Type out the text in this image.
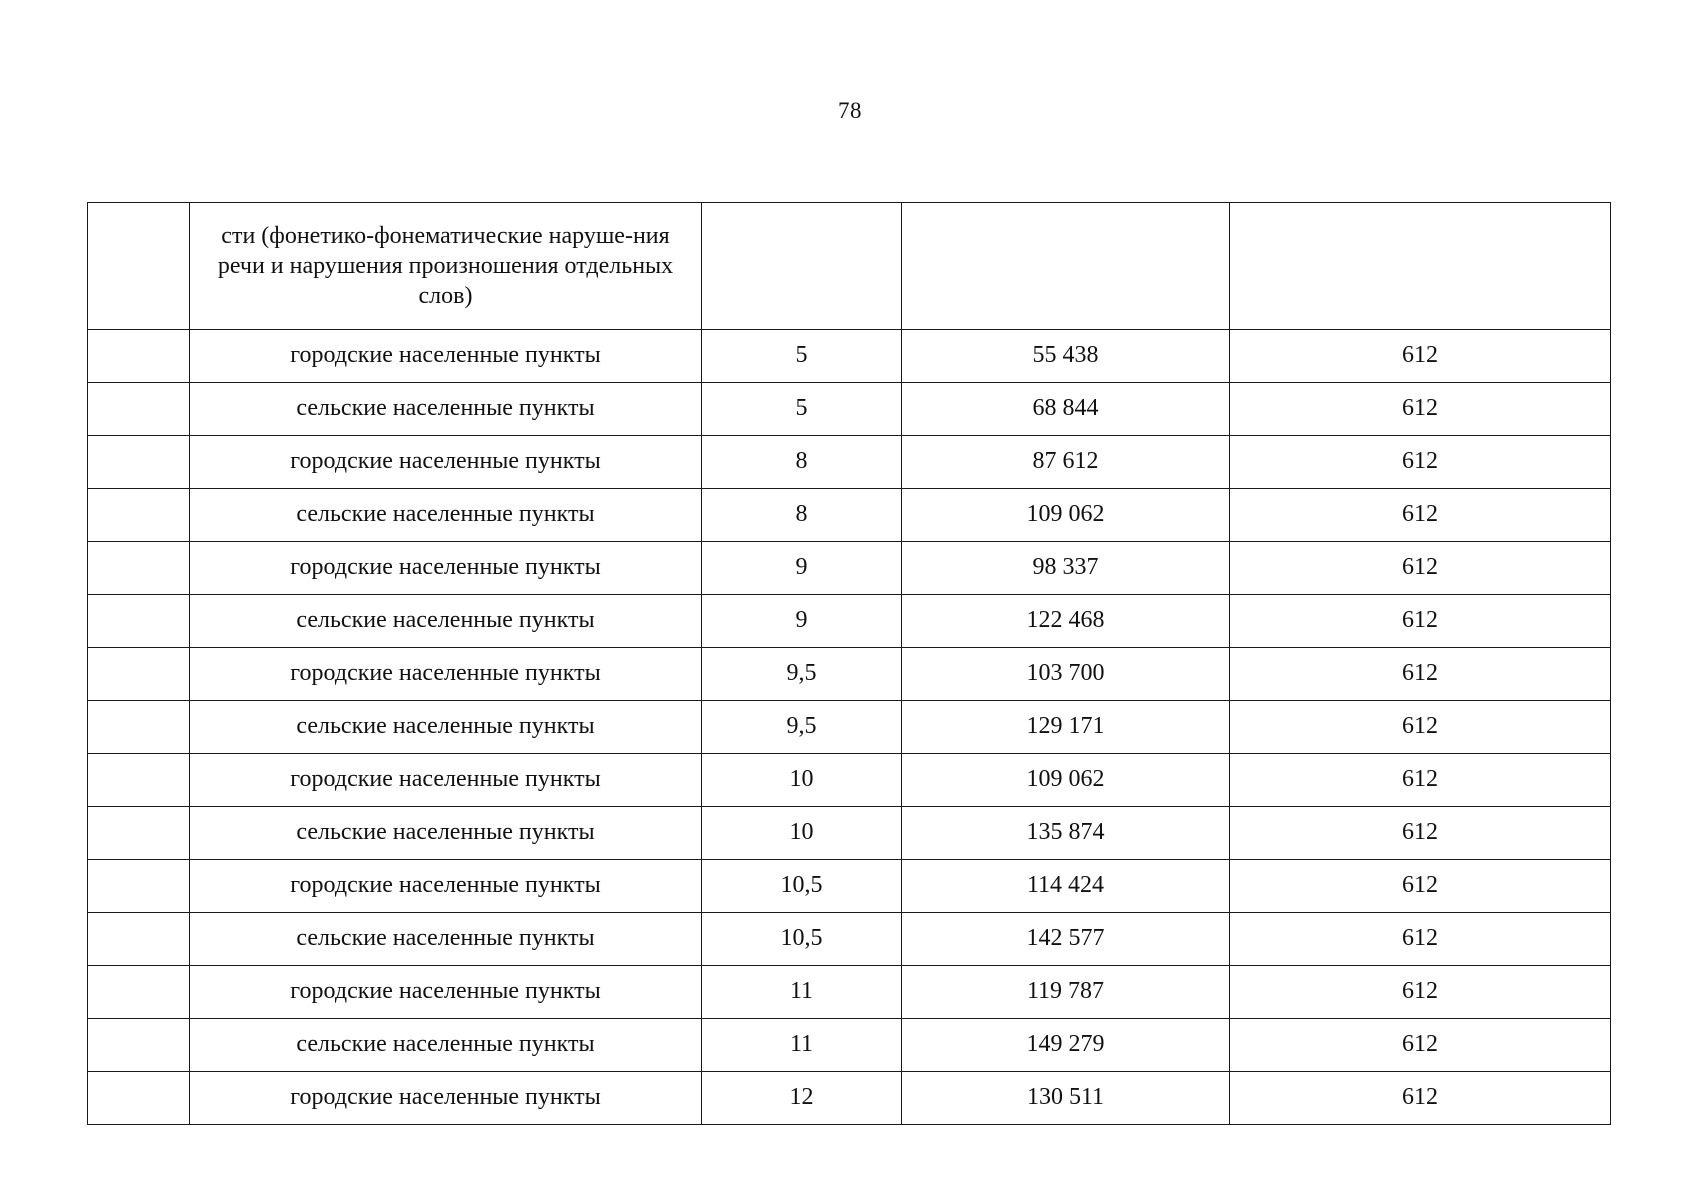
78
	сти (фонетико-фонематические наруше-ния речи и нарушения произношения отдельных слов)			
	городские населенные пункты	5	55 438	612
	сельские населенные пункты	5	68 844	612
	городские населенные пункты	8	87 612	612
	сельские населенные пункты	8	109 062	612
	городские населенные пункты	9	98 337	612
	сельские населенные пункты	9	122 468	612
	городские населенные пункты	9,5	103 700	612
	сельские населенные пункты	9,5	129 171	612
	городские населенные пункты	10	109 062	612
	сельские населенные пункты	10	135 874	612
	городские населенные пункты	10,5	114 424	612
	сельские населенные пункты	10,5	142 577	612
	городские населенные пункты	11	119 787	612
	сельские населенные пункты	11	149 279	612
	городские населенные пункты	12	130 511	612
